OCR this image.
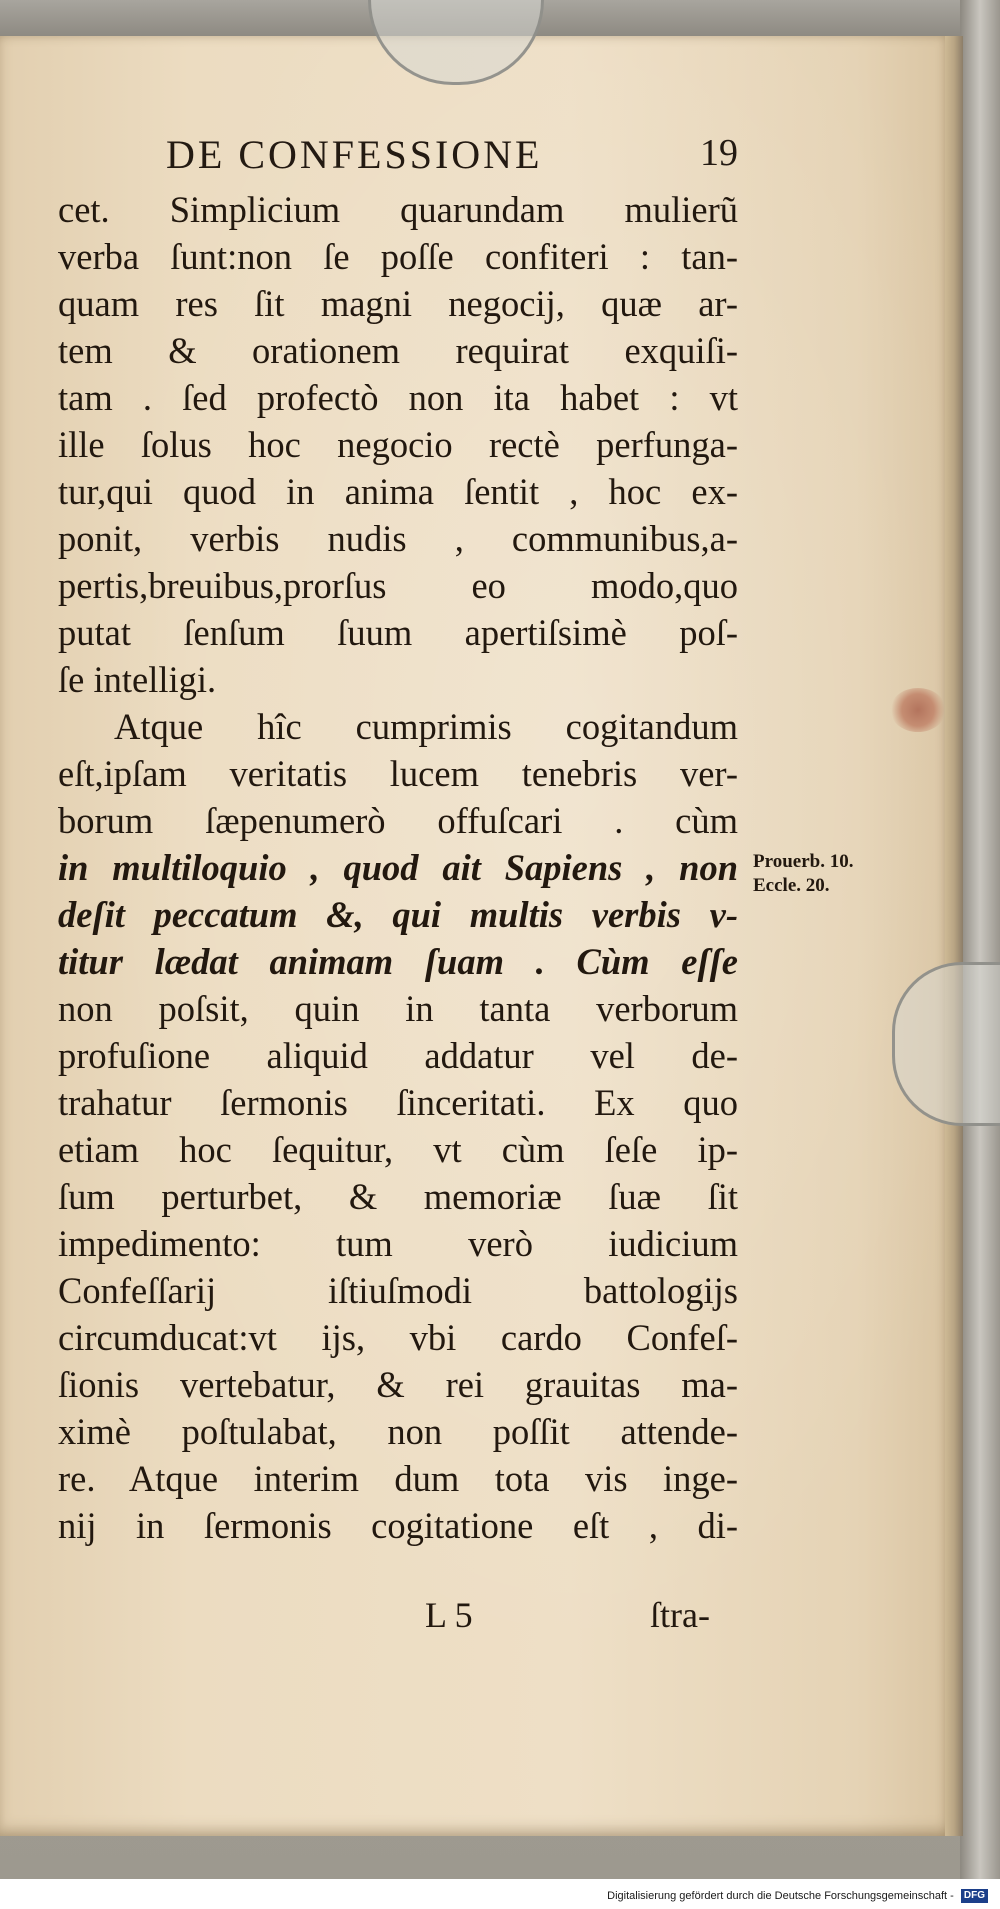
DE CONFESSIONE	19
cet. Simplicium quarundam mulierũ
verba ſunt:non ſe poſſe confiteri : tan-
quam res ſit magni negocij, quæ ar-
tem & orationem requirat exquiſi-
tam . ſed profectò non ita habet : vt
ille ſolus hoc negocio rectè perfunga-
tur,qui quod in anima ſentit , hoc ex-
ponit, verbis nudis , communibus,a-
pertis,breuibus,prorſus eo modo,quo
putat ſenſum ſuum apertiſsimè poſ-
ſe intelligi.
Atque hîc cumprimis cogitandum
eſt,ipſam veritatis lucem tenebris ver-
borum ſæpenumerò offuſcari . cùm
in multiloquio , quod ait Sapiens , non
deſit peccatum &, qui multis verbis v-
titur lædat animam ſuam . Cùm eſſe
non poſsit, quin in tanta verborum
profuſione aliquid addatur vel de-
trahatur ſermonis ſinceritati. Ex quo
etiam hoc ſequitur, vt cùm ſeſe ip-
ſum perturbet, & memoriæ ſuæ ſit
impedimento: tum verò iudicium
Confeſſarij iſtiuſmodi battologijs
circumducat:vt ijs, vbi cardo Confeſ-
ſionis vertebatur, & rei grauitas ma-
ximè poſtulabat, non poſſit attende-
re. Atque interim dum tota vis inge-
nij in ſermonis cogitatione eſt , di-
Prouerb. 10.
Eccle. 20.
L 5	ſtra-
Digitalisierung gefördert durch die Deutsche Forschungsgemeinschaft - DFG
